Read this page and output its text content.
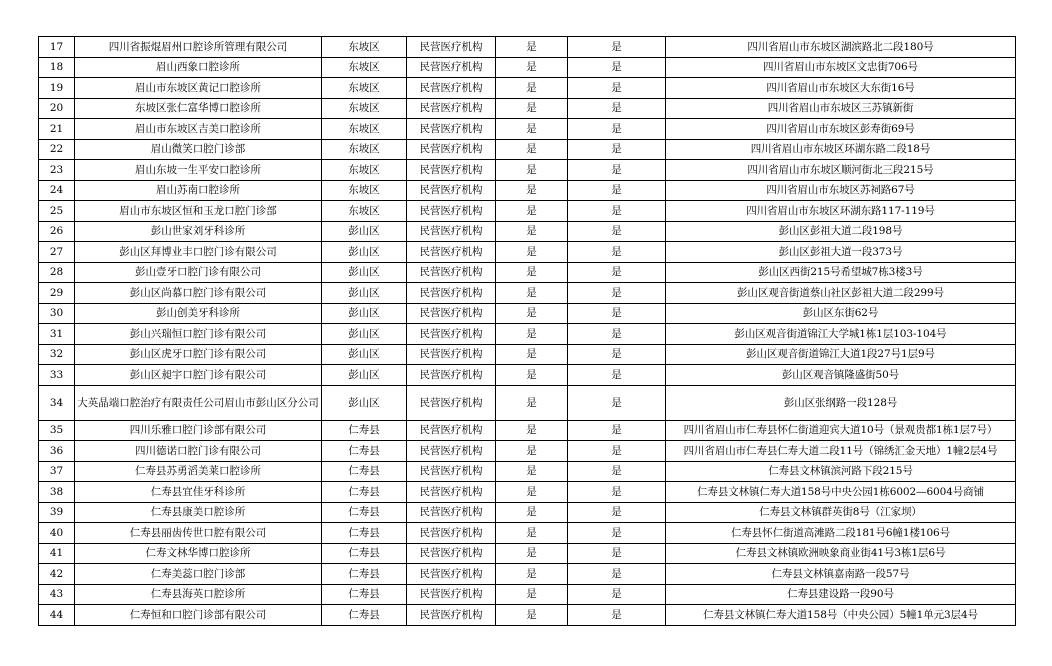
17	四川省振焜眉州口腔诊所管理有限公司	东坡区	民营医疗机构	是	是	四川省眉山市东坡区湖滨路北二段180号
18	眉山西象口腔诊所	东坡区	民营医疗机构	是	是	四川省眉山市东坡区文忠街706号
19	眉山市东坡区黄记口腔诊所	东坡区	民营医疗机构	是	是	四川省眉山市东坡区大东街16号
20	东坡区张仁富华博口腔诊所	东坡区	民营医疗机构	是	是	四川省眉山市东坡区三苏镇新街
21	眉山市东坡区吉美口腔诊所	东坡区	民营医疗机构	是	是	四川省眉山市东坡区彭寿街69号
22	眉山微笑口腔门诊部	东坡区	民营医疗机构	是	是	四川省眉山市东坡区环湖东路二段18号
23	眉山东坡一生平安口腔诊所	东坡区	民营医疗机构	是	是	四川省眉山市东坡区顺河街北三段215号
24	眉山苏南口腔诊所	东坡区	民营医疗机构	是	是	四川省眉山市东坡区苏祠路67号
25	眉山市东坡区恒和玉龙口腔门诊部	东坡区	民营医疗机构	是	是	四川省眉山市东坡区环湖东路117-119号
26	彭山世家刘牙科诊所	彭山区	民营医疗机构	是	是	彭山区彭祖大道二段198号
27	彭山区拜博业丰口腔门诊有限公司	彭山区	民营医疗机构	是	是	彭山区彭祖大道一段373号
28	彭山壹牙口腔门诊有限公司	彭山区	民营医疗机构	是	是	彭山区西街215号希望城7栋3楼3号
29	彭山区尚慕口腔门诊有限公司	彭山区	民营医疗机构	是	是	彭山区观音街道蔡山社区彭祖大道二段299号
30	彭山创美牙科诊所	彭山区	民营医疗机构	是	是	彭山区东街62号
31	彭山兴瑞恒口腔门诊有限公司	彭山区	民营医疗机构	是	是	彭山区观音街道锦江大学城1栋1层103-104号
32	彭山区虎牙口腔门诊有限公司	彭山区	民营医疗机构	是	是	彭山区观音街道锦江大道1段27号1层9号
33	彭山区昶宇口腔门诊有限公司	彭山区	民营医疗机构	是	是	彭山区观音镇隆盛街50号
34	大英晶端口腔治疗有限责任公司眉山市彭山区分公司	彭山区	民营医疗机构	是	是	彭山区张纲路一段128号
35	四川乐雅口腔门诊部有限公司	仁寿县	民营医疗机构	是	是	四川省眉山市仁寿县怀仁街道迎宾大道10号（景观贵都1栋1层7号）
36	四川德诺口腔门诊有限公司	仁寿县	民营医疗机构	是	是	四川省眉山市仁寿县仁寿大道二段11号（锦绣汇金天地）1幢2层4号
37	仁寿县苏勇滔美莱口腔诊所	仁寿县	民营医疗机构	是	是	仁寿县文林镇滨河路下段215号
38	仁寿县宜佳牙科诊所	仁寿县	民营医疗机构	是	是	仁寿县文林镇仁寿大道158号中央公园1栋6002—6004号商铺
39	仁寿县康美口腔诊所	仁寿县	民营医疗机构	是	是	仁寿县文林镇群英街8号（江家坝）
40	仁寿县丽齿传世口腔有限公司	仁寿县	民营医疗机构	是	是	仁寿县怀仁街道高滩路二段181号6幢1楼106号
41	仁寿文林华博口腔诊所	仁寿县	民营医疗机构	是	是	仁寿县文林镇欧洲映象商业街41号3栋1层6号
42	仁寿美蕊口腔门诊部	仁寿县	民营医疗机构	是	是	仁寿县文林镇嘉南路一段57号
43	仁寿县海英口腔诊所	仁寿县	民营医疗机构	是	是	仁寿县建设路一段90号
44	仁寿恒和口腔门诊部有限公司	仁寿县	民营医疗机构	是	是	仁寿县文林镇仁寿大道158号（中央公园）5幢1单元3层4号
